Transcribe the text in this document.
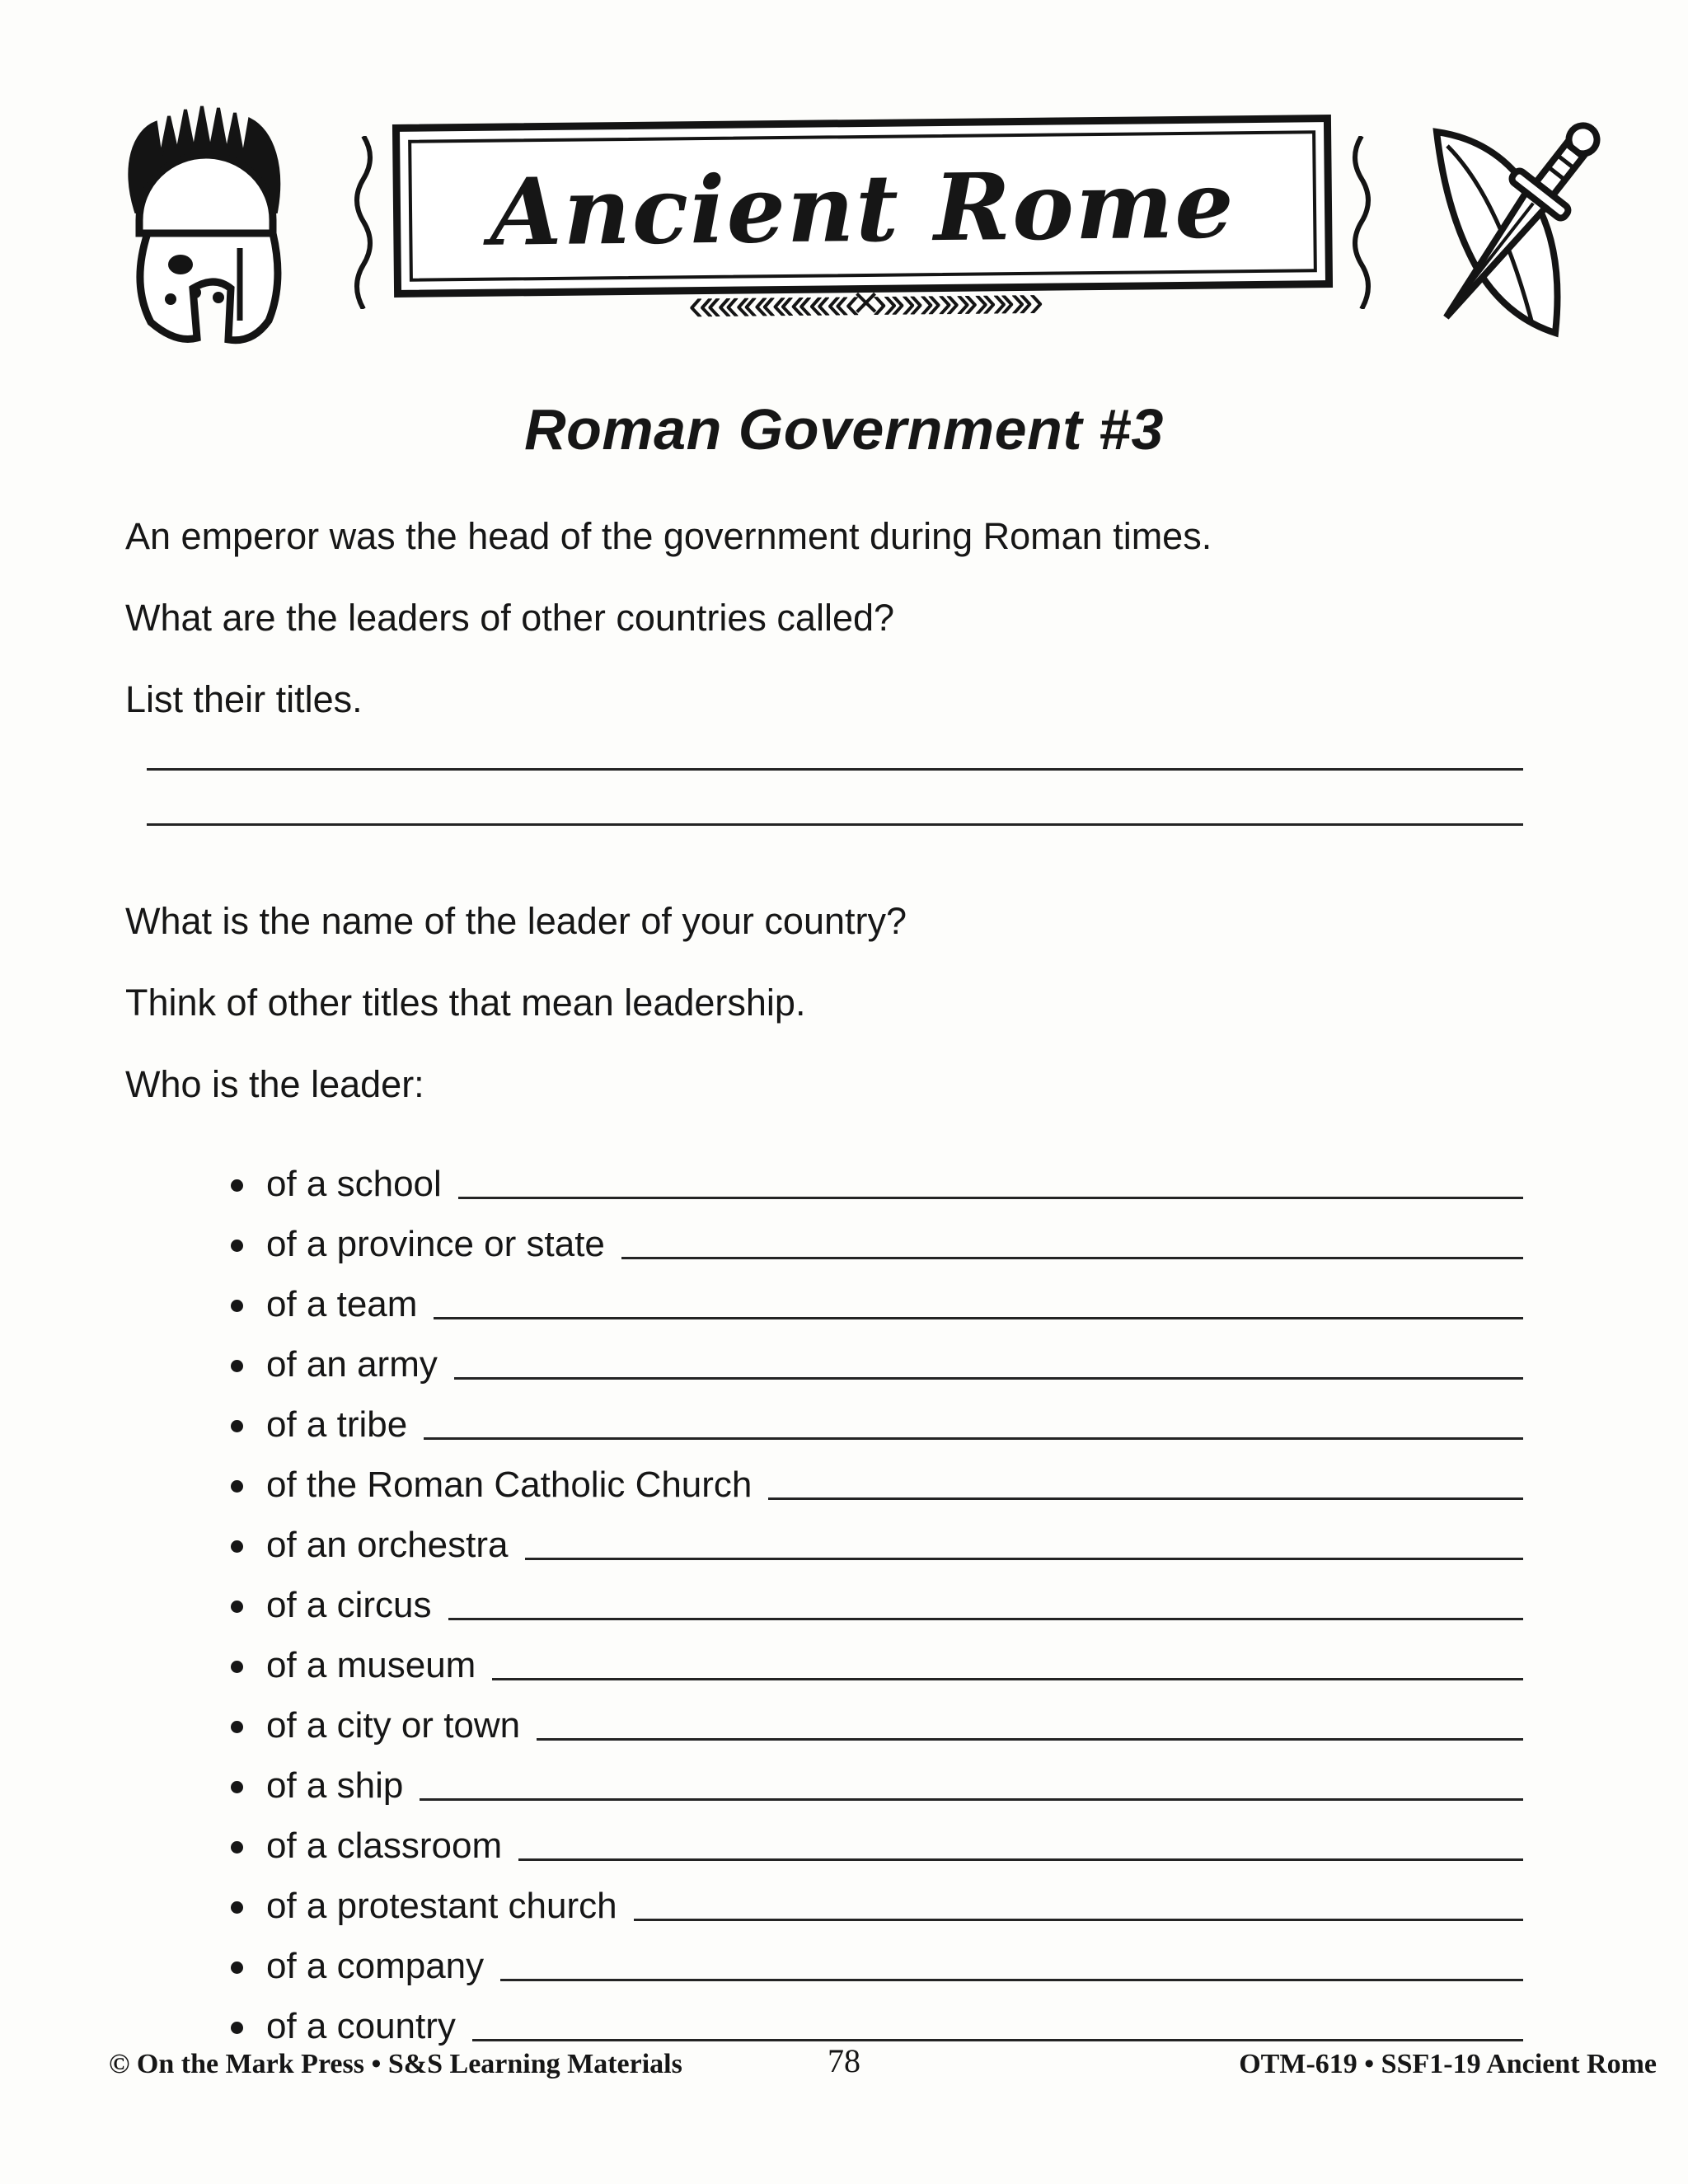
Ancient Rome
«««««««««×»»»»»»»»»
Roman Government #3

An emperor was the head of the government during Roman times.

What are the leaders of other countries called?

List their titles.

What is the name of the leader of your country?

Think of other titles that mean leadership.

Who is the leader:

of a school
of a province or state
of a team
of an army
of a tribe
of the Roman Catholic Church
of an orchestra
of a circus
of a museum
of a city or town
of a ship
of a classroom
of a protestant church
of a company
of a country
© On the Mark Press • S&S Learning Materials	78	OTM-619 • SSF1-19 Ancient Rome
